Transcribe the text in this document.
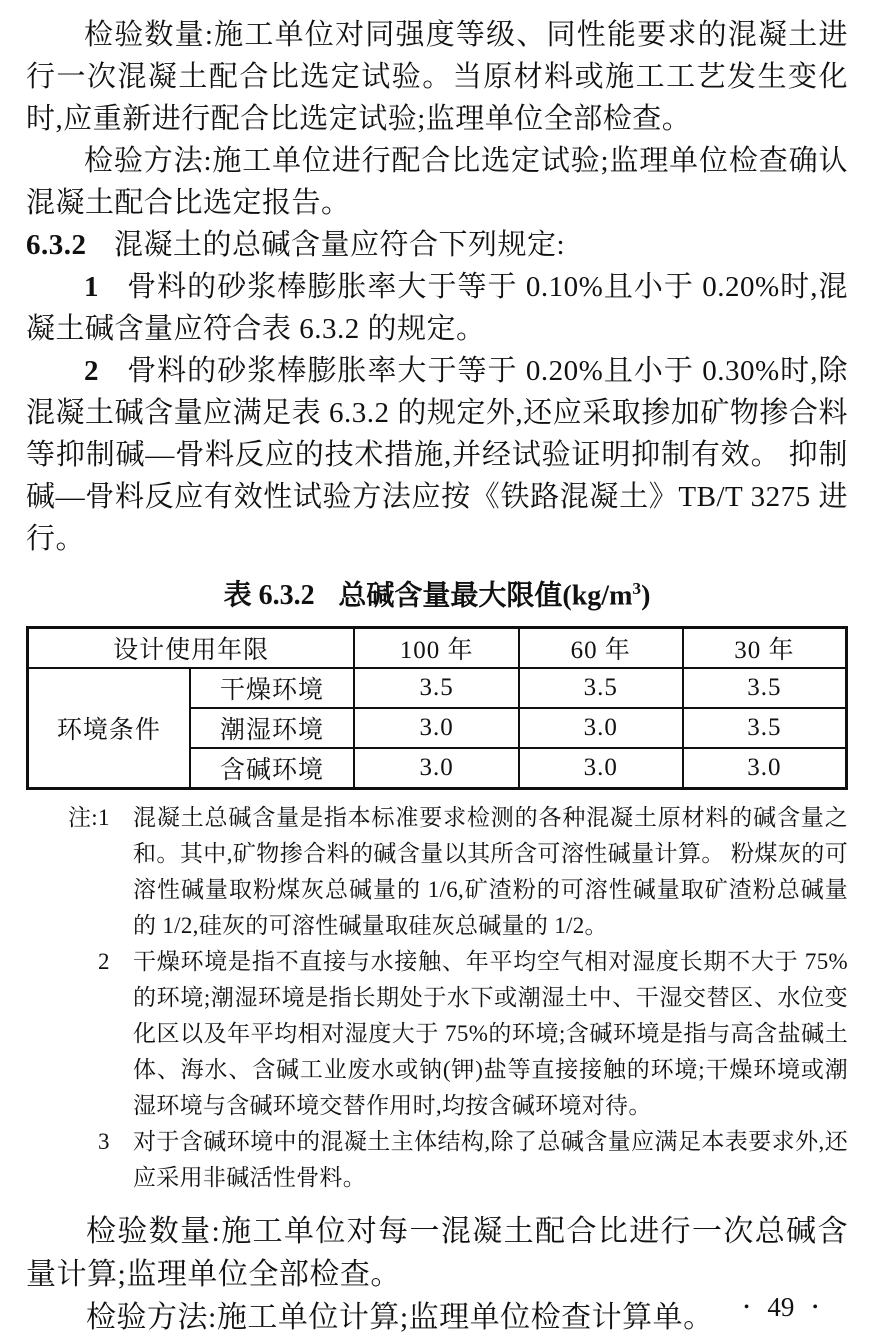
检验数量:施工单位对同强度等级、同性能要求的混凝土进行一次混凝土配合比选定试验。当原材料或施工工艺发生变化时,应重新进行配合比选定试验;监理单位全部检查。

检验方法:施工单位进行配合比选定试验;监理单位检查确认混凝土配合比选定报告。

6.3.2 混凝土的总碱含量应符合下列规定:

1 骨料的砂浆棒膨胀率大于等于 0.10%且小于 0.20%时,混凝土碱含量应符合表 6.3.2 的规定。

2 骨料的砂浆棒膨胀率大于等于 0.20%且小于 0.30%时,除混凝土碱含量应满足表 6.3.2 的规定外,还应采取掺加矿物掺合料等抑制碱—骨料反应的技术措施,并经试验证明抑制有效。 抑制碱—骨料反应有效性试验方法应按《铁路混凝土》TB/T 3275 进行。

表 6.3.2 总碱含量最大限值$(kg/m^3)$

设计使用年限		100 年	60 年	30 年
环境条件	干燥环境	3.5	3.5	3.5
	潮湿环境	3.0	3.0	3.5
	含碱环境	3.0	3.0	3.0
注: 1 混凝土总碱含量是指本标准要求检测的各种混凝土原材料的碱含量之和。其中,矿物掺合料的碱含量以其所含可溶性碱量计算。 粉煤灰的可溶性碱量取粉煤灰总碱量的 1/6,矿渣粉的可溶性碱量取矿渣粉总碱量的 1/2,硅灰的可溶性碱量取硅灰总碱量的 1/2。
2 干燥环境是指不直接与水接触、年平均空气相对湿度长期不大于 75%的环境;潮湿环境是指长期处于水下或潮湿土中、干湿交替区、水位变化区以及年平均相对湿度大于 75%的环境;含碱环境是指与高含盐碱土体、海水、含碱工业废水或钠(钾)盐等直接接触的环境;干燥环境或潮湿环境与含碱环境交替作用时,均按含碱环境对待。
3 对于含碱环境中的混凝土主体结构,除了总碱含量应满足本表要求外,还应采用非碱活性骨料。

检验数量:施工单位对每一混凝土配合比进行一次总碱含量计算;监理单位全部检查。

检验方法:施工单位计算;监理单位检查计算单。	• 49 •
